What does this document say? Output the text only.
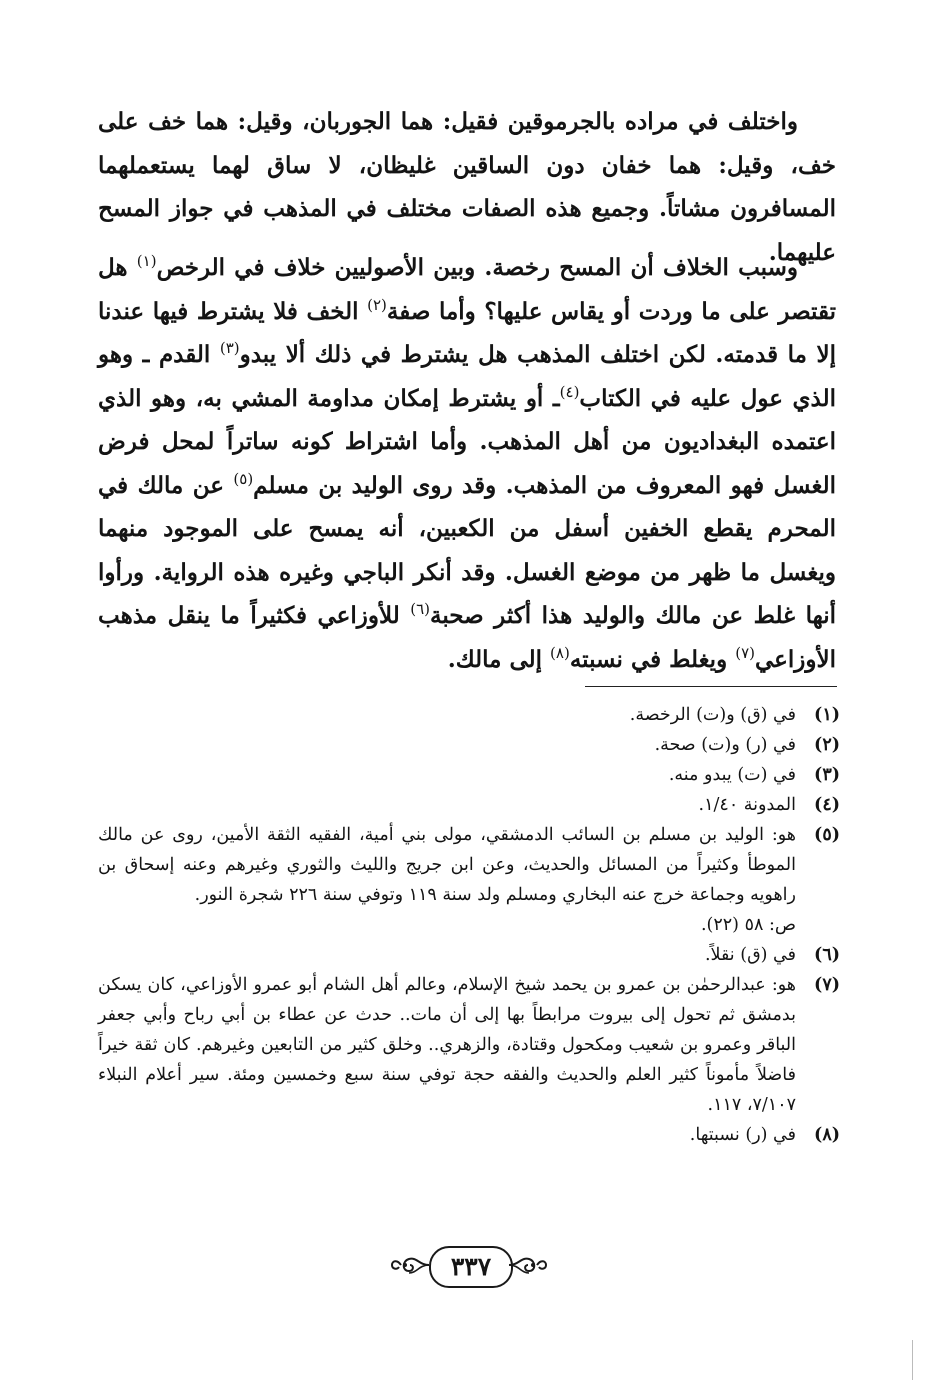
واختلف في مراده بالجرموقين فقيل: هما الجوربان، وقيل: هما خف على خف، وقيل: هما خفان دون الساقين غليظان، لا ساق لهما يستعملهما المسافرون مشاتاً. وجميع هذه الصفات مختلف في المذهب في جواز المسح عليهما.

وسبب الخلاف أن المسح رخصة. وبين الأصوليين خلاف في الرخص$^{(١)}$ هل تقتصر على ما وردت أو يقاس عليها؟ وأما صفة$^{(٢)}$ الخف فلا يشترط فيها عندنا إلا ما قدمته. لكن اختلف المذهب هل يشترط في ذلك ألا يبدو$^{(٣)}$ القدم ـ وهو الذي عول عليه في الكتاب$^{(٤)}$ـ أو يشترط إمكان مداومة المشي به، وهو الذي اعتمده البغداديون من أهل المذهب. وأما اشتراط كونه ساتراً لمحل فرض الغسل فهو المعروف من المذهب. وقد روى الوليد بن مسلم$^{(٥)}$ عن مالك في المحرم يقطع الخفين أسفل من الكعبين، أنه يمسح على الموجود منهما ويغسل ما ظهر من موضع الغسل. وقد أنكر الباجي وغيره هذه الرواية. ورأوا أنها غلط عن مالك والوليد هذا أكثر صحبة$^{(٦)}$ للأوزاعي فكثيراً ما ينقل مذهب الأوزاعي$^{(٧)}$ ويغلط في نسبته$^{(٨)}$ إلى مالك.

(١)
في (ق) و(ت) الرخصة.
(٢)
في (ر) و(ت) صحة.
(٣)
في (ت) يبدو منه.
(٤)
المدونة ١/٤٠.
(٥)
هو: الوليد بن مسلم بن السائب الدمشقي، مولى بني أمية، الفقيه الثقة الأمين، روى عن مالك الموطأ وكثيراً من المسائل والحديث، وعن ابن جريج والليث والثوري وغيرهم وعنه إسحاق بن راهويه وجماعة خرج عنه البخاري ومسلم ولد سنة ١١٩ وتوفي سنة ٢٢٦ شجرة النور.
ص: ٥٨ (٢٢).
(٦)
في (ق) نقلاً.
(٧)
هو: عبدالرحمٰن بن عمرو بن يحمد شيخ الإسلام، وعالم أهل الشام أبو عمرو الأوزاعي، كان يسكن بدمشق ثم تحول إلى بيروت مرابطاً بها إلى أن مات.. حدث عن عطاء بن أبي رباح وأبي جعفر الباقر وعمرو بن شعيب ومكحول وقتادة، والزهري.. وخلق كثير من التابعين وغيرهم. كان ثقة خيراً فاضلاً مأموناً كثير العلم والحديث والفقه حجة توفي سنة سبع وخمسين ومئة. سير أعلام النبلاء ٧/١٠٧، ١١٧.
(٨)
في (ر) نسبتها.
٣٣٧
